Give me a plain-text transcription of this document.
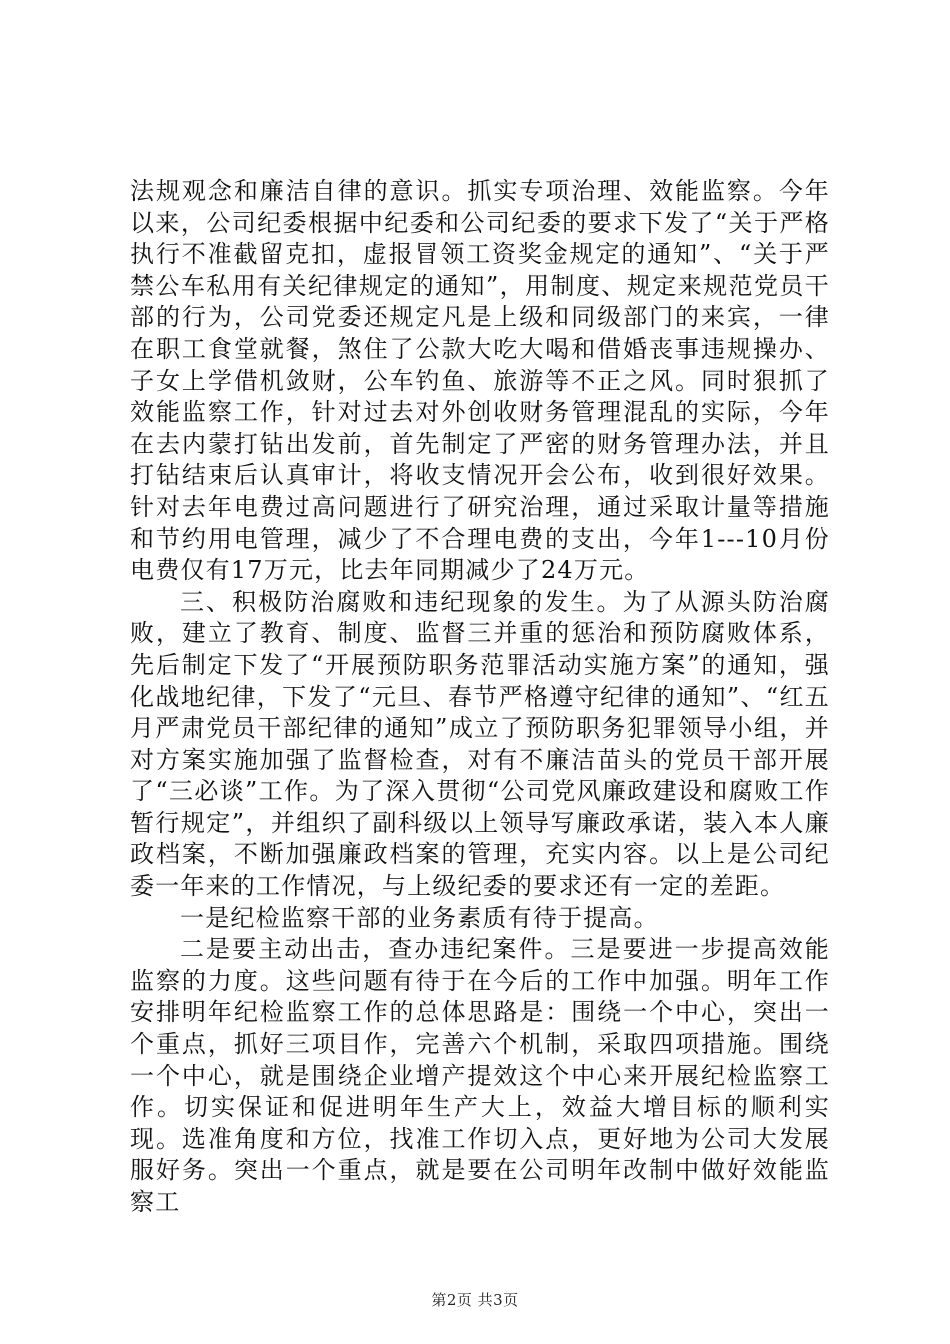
法规观念和廉洁自律的意识。抓实专项治理、效能监察。今年以来，公司纪委根据中纪委和公司纪委的要求下发了“关于严格执行不准截留克扣，虚报冒领工资奖金规定的通知”、“关于严禁公车私用有关纪律规定的通知”，用制度、规定来规范党员干部的行为，公司党委还规定凡是上级和同级部门的来宾，一律在职工食堂就餐，煞住了公款大吃大喝和借婚丧事违规操办、子女上学借机敛财，公车钓鱼、旅游等不正之风。同时狠抓了效能监察工作，针对过去对外创收财务管理混乱的实际，今年在去内蒙打钻出发前，首先制定了严密的财务管理办法，并且打钻结束后认真审计，将收支情况开会公布，收到很好效果。针对去年电费过高问题进行了研究治理，通过采取计量等措施和节约用电管理，减少了不合理电费的支出，今年1---10月份电费仅有17万元，比去年同期减少了24万元。

三、积极防治腐败和违纪现象的发生。为了从源头防治腐败，建立了教育、制度、监督三并重的惩治和预防腐败体系，先后制定下发了“开展预防职务范罪活动实施方案”的通知，强化战地纪律，下发了“元旦、春节严格遵守纪律的通知”、“红五月严肃党员干部纪律的通知”成立了预防职务犯罪领导小组，并对方案实施加强了监督检查，对有不廉洁苗头的党员干部开展了“三必谈”工作。为了深入贯彻“公司党风廉政建设和腐败工作暂行规定”，并组织了副科级以上领导写廉政承诺，装入本人廉政档案，不断加强廉政档案的管理，充实内容。以上是公司纪委一年来的工作情况，与上级纪委的要求还有一定的差距。

一是纪检监察干部的业务素质有待于提高。

二是要主动出击，查办违纪案件。三是要进一步提高效能监察的力度。这些问题有待于在今后的工作中加强。明年工作安排明年纪检监察工作的总体思路是：围绕一个中心，突出一个重点，抓好三项目作，完善六个机制，采取四项措施。围绕一个中心，就是围绕企业增产提效这个中心来开展纪检监察工作。切实保证和促进明年生产大上，效益大增目标的顺利实现。选准角度和方位，找准工作切入点，更好地为公司大发展服好务。突出一个重点，就是要在公司明年改制中做好效能监察工

第2页 共3页
